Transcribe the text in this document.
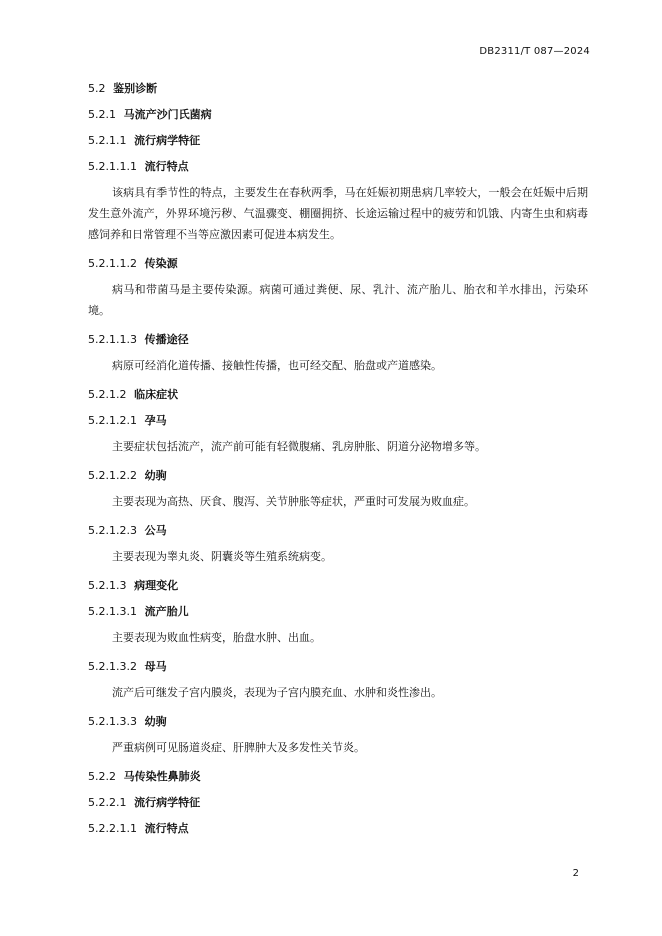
DB2311/T 087—2024
5.2 鉴别诊断
5.2.1 马流产沙门氏菌病
5.2.1.1 流行病学特征
5.2.1.1.1 流行特点
该病具有季节性的特点，主要发生在春秋两季，马在妊娠初期患病几率较大，一般会在妊娠中后期发生意外流产，外界环境污秽、气温骤变、棚圈拥挤、长途运输过程中的疲劳和饥饿、内寄生虫和病毒感饲养和日常管理不当等应激因素可促进本病发生。
5.2.1.1.2 传染源
病马和带菌马是主要传染源。病菌可通过粪便、尿、乳汁、流产胎儿、胎衣和羊水排出，污染环境。
5.2.1.1.3 传播途径
病原可经消化道传播、接触性传播，也可经交配、胎盘或产道感染。
5.2.1.2 临床症状
5.2.1.2.1 孕马
主要症状包括流产，流产前可能有轻微腹痛、乳房肿胀、阴道分泌物增多等。
5.2.1.2.2 幼驹
主要表现为高热、厌食、腹泻、关节肿胀等症状，严重时可发展为败血症。
5.2.1.2.3 公马
主要表现为睾丸炎、阴囊炎等生殖系统病变。
5.2.1.3 病理变化
5.2.1.3.1 流产胎儿
主要表现为败血性病变，胎盘水肿、出血。
5.2.1.3.2 母马
流产后可继发子宫内膜炎，表现为子宫内膜充血、水肿和炎性渗出。
5.2.1.3.3 幼驹
严重病例可见肠道炎症、肝脾肿大及多发性关节炎。
5.2.2 马传染性鼻肺炎
5.2.2.1 流行病学特征
5.2.2.1.1 流行特点
2
